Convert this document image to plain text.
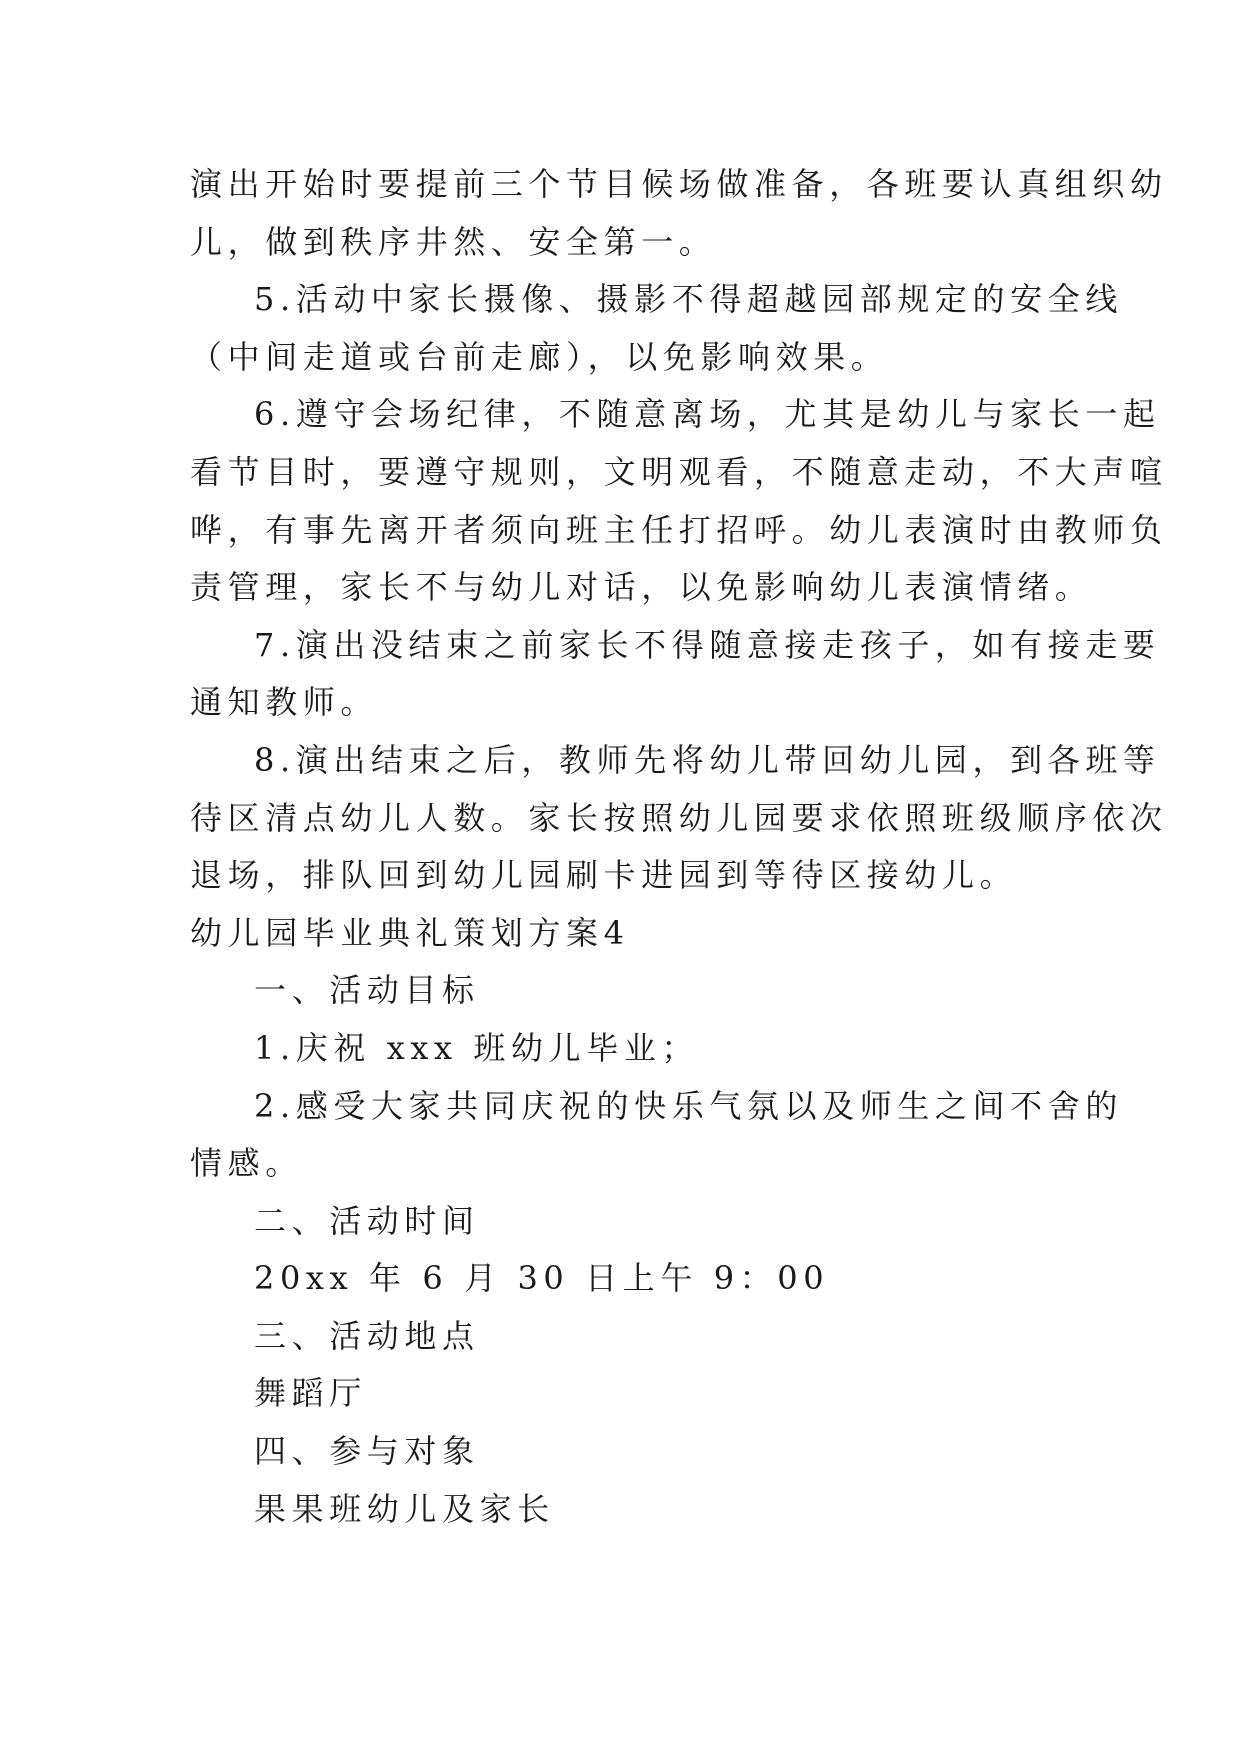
演出开始时要提前三个节目候场做准备，各班要认真组织幼
儿，做到秩序井然、安全第一。
5.活动中家长摄像、摄影不得超越园部规定的安全线
（中间走道或台前走廊），以免影响效果。
6.遵守会场纪律，不随意离场，尤其是幼儿与家长一起
看节目时，要遵守规则，文明观看，不随意走动，不大声喧
哗，有事先离开者须向班主任打招呼。幼儿表演时由教师负
责管理，家长不与幼儿对话，以免影响幼儿表演情绪。
7.演出没结束之前家长不得随意接走孩子，如有接走要
通知教师。
8.演出结束之后，教师先将幼儿带回幼儿园，到各班等
待区清点幼儿人数。家长按照幼儿园要求依照班级顺序依次
退场，排队回到幼儿园刷卡进园到等待区接幼儿。
幼儿园毕业典礼策划方案4
一、活动目标
1.庆祝 xxx 班幼儿毕业；
2.感受大家共同庆祝的快乐气氛以及师生之间不舍的
情感。
二、活动时间
20xx 年 6 月 30 日上午 9：00
三、活动地点
舞蹈厅
四、参与对象
果果班幼儿及家长
